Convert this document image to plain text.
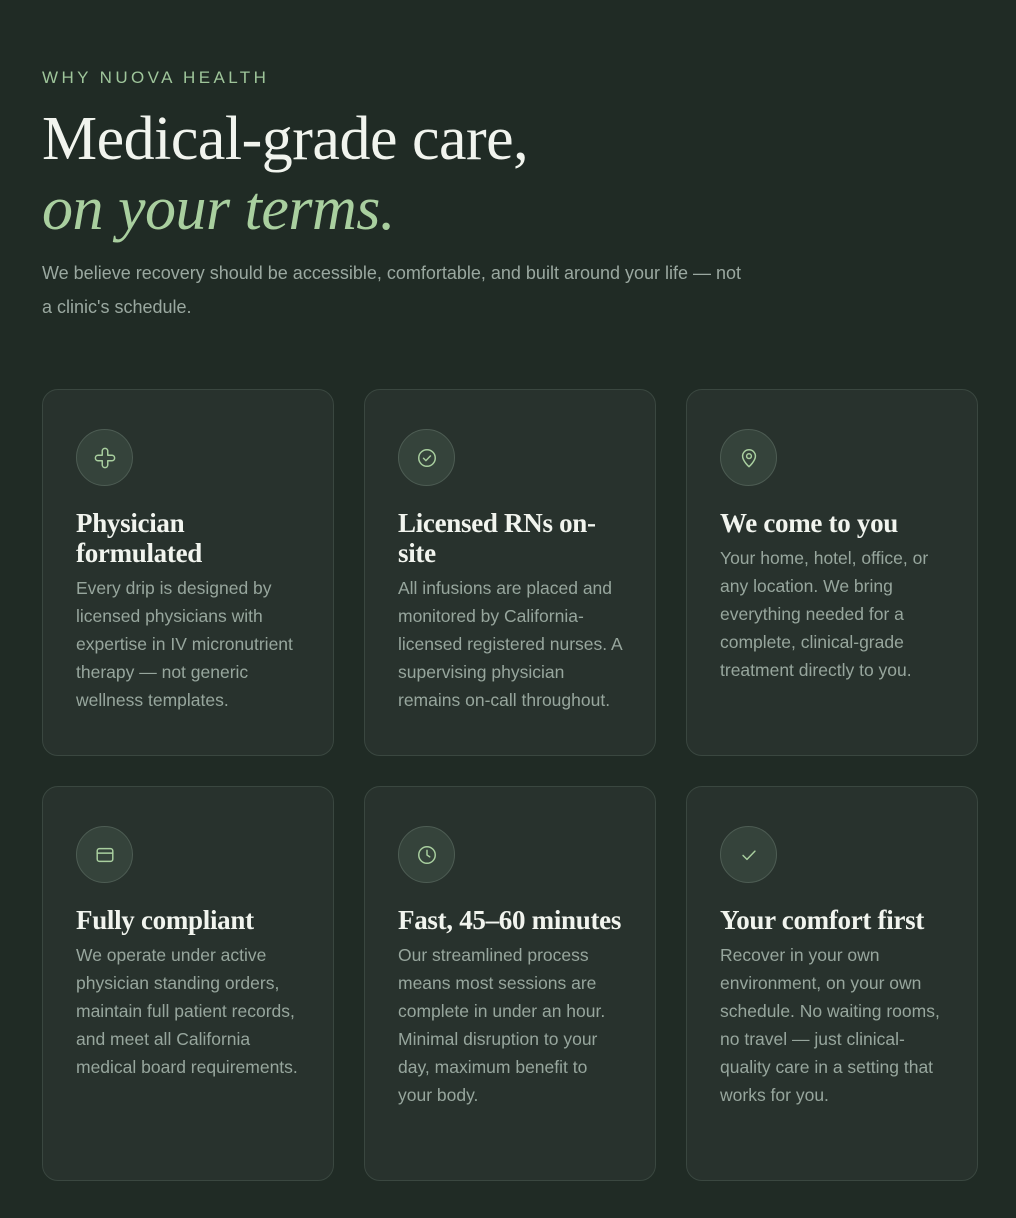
WHY NUOVA HEALTH

Medical-grade care,
on your terms.

We believe recovery should be accessible, comfortable, and built around your life — not a clinic's schedule.

Physician formulated

Every drip is designed by licensed physicians with expertise in IV micronutrient therapy — not generic wellness templates.

Licensed RNs on-site

All infusions are placed and monitored by California-licensed registered nurses. A supervising physician remains on-call throughout.

We come to you

Your home, hotel, office, or any location. We bring everything needed for a complete, clinical-grade treatment directly to you.

Fully compliant

We operate under active physician standing orders, maintain full patient records, and meet all California medical board requirements.

Fast, 45–60 minutes

Our streamlined process means most sessions are complete in under an hour. Minimal disruption to your day, maximum benefit to your body.

Your comfort first

Recover in your own environment, on your own schedule. No waiting rooms, no travel — just clinical-quality care in a setting that works for you.
